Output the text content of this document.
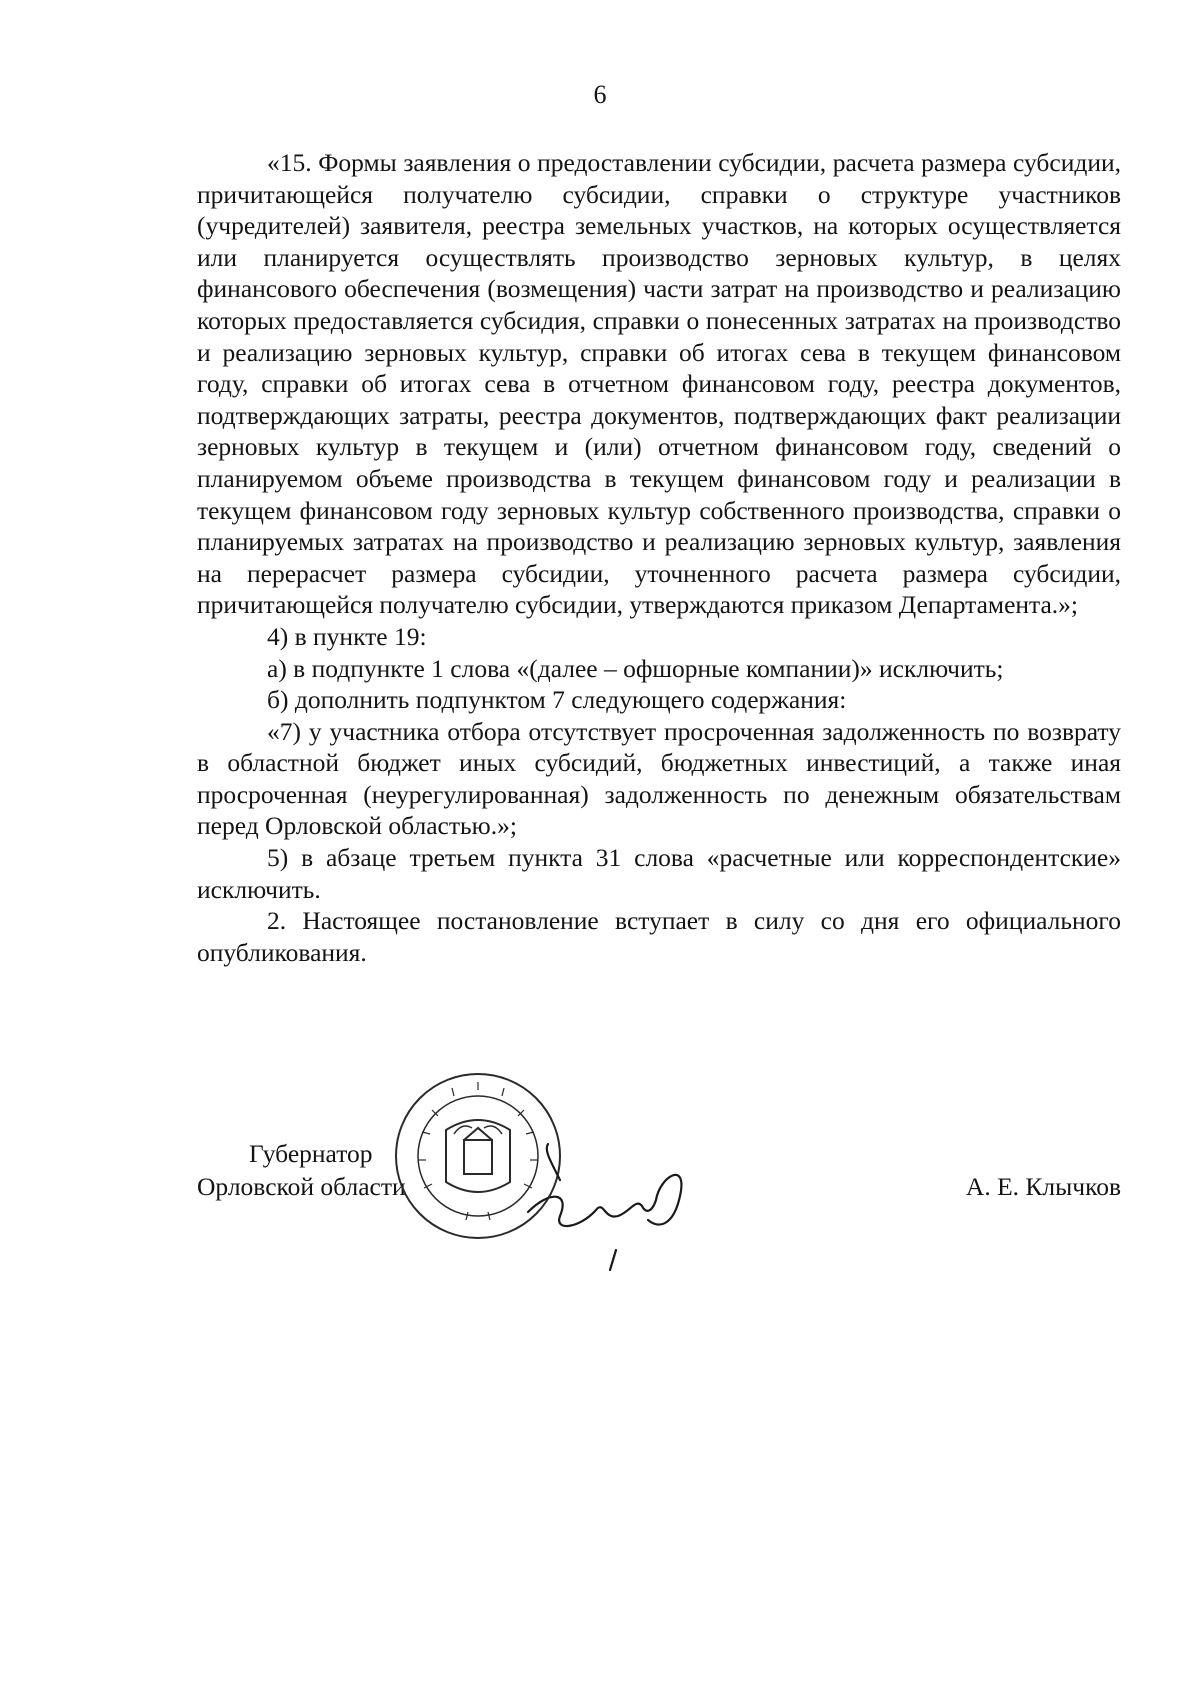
6

«15. Формы заявления о предоставлении субсидии, расчета размера субсидии, причитающейся получателю субсидии, справки о структуре участников (учредителей) заявителя, реестра земельных участков, на которых осуществляется или планируется осуществлять производство зерновых культур, в целях финансового обеспечения (возмещения) части затрат на производство и реализацию которых предоставляется субсидия, справки о понесенных затратах на производство и реализацию зерновых культур, справки об итогах сева в текущем финансовом году, справки об итогах сева в отчетном финансовом году, реестра документов, подтверждающих затраты, реестра документов, подтверждающих факт реализации зерновых культур в текущем и (или) отчетном финансовом году, сведений о планируемом объеме производства в текущем финансовом году и реализации в текущем финансовом году зерновых культур собственного производства, справки о планируемых затратах на производство и реализацию зерновых культур, заявления на перерасчет размера субсидии, уточненного расчета размера субсидии, причитающейся получателю субсидии, утверждаются приказом Департамента.»;

4) в пункте 19:

а) в подпункте 1 слова «(далее – офшорные компании)» исключить;

б) дополнить подпунктом 7 следующего содержания:

«7) у участника отбора отсутствует просроченная задолженность по возврату в областной бюджет иных субсидий, бюджетных инвестиций, а также иная просроченная (неурегулированная) задолженность по денежным обязательствам перед Орловской областью.»;

5) в абзаце третьем пункта 31 слова «расчетные или корреспондентские» исключить.

2. Настоящее постановление вступает в силу со дня его официального опубликования.

Губернатор
Орловской области	А. Е. Клычков
